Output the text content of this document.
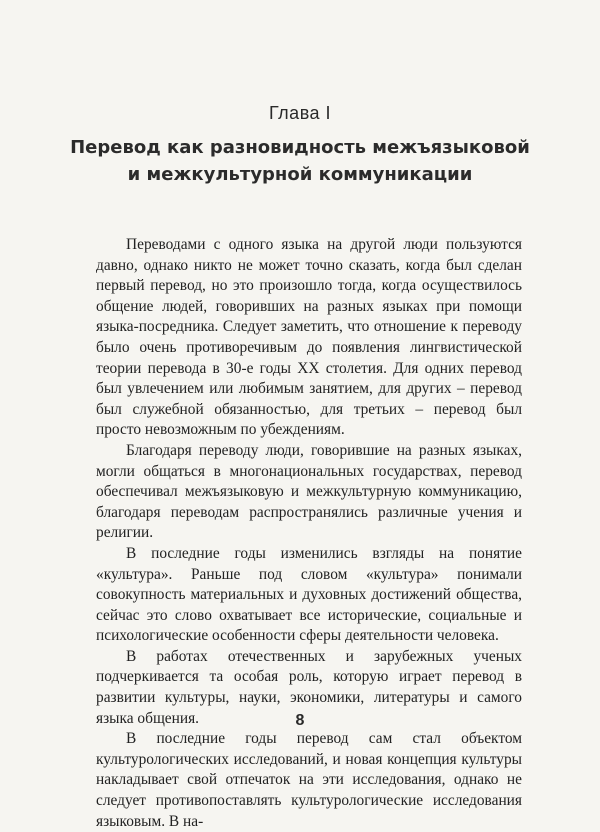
Глава I
Перевод как разновидность межъязыковой
и межкультурной коммуникации

Переводами с одного языка на другой люди пользуются давно, однако никто не может точно сказать, когда был сделан первый перевод, но это произошло тогда, когда осуществилось общение людей, говоривших на разных языках при помощи языка-посредника. Следует заметить, что отношение к переводу было очень противоречивым до появления лингвистической теории перевода в 30-е годы XX столетия. Для одних перевод был увлечением или любимым занятием, для других – перевод был служебной обязанностью, для третьих – перевод был просто невозможным по убеждениям.

Благодаря переводу люди, говорившие на разных языках, могли общаться в многонациональных государствах, перевод обеспечивал межъязыковую и межкультурную коммуникацию, благодаря переводам распространялись различные учения и религии.

В последние годы изменились взгляды на понятие «культура». Раньше под словом «культура» понимали совокупность материальных и духовных достижений общества, сейчас это слово охватывает все исторические, социальные и психологические особенности сферы деятельности человека.

В работах отечественных и зарубежных ученых подчеркивается та особая роль, которую играет перевод в развитии культуры, науки, экономики, литературы и самого языка общения.

В последние годы перевод сам стал объектом культурологических исследований, и новая концепция культуры накладывает свой отпечаток на эти исследования, однако не следует противопоставлять культурологические исследования языковым. В на-

8
